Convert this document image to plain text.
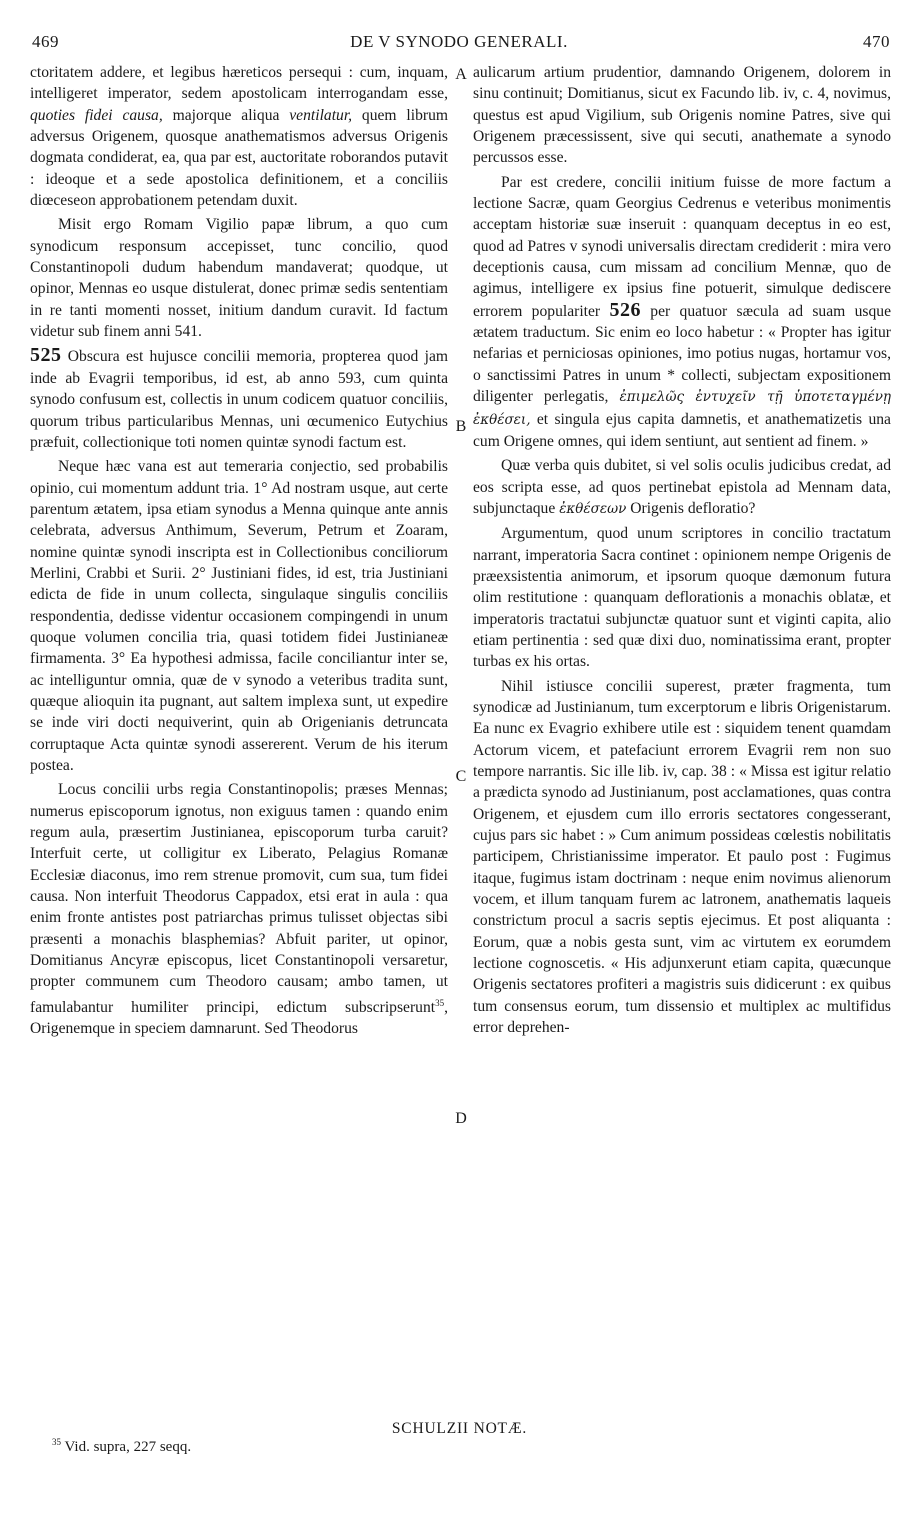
469	DE V SYNODO GENERALI.	470

ctoritatem addere, et legibus hæreticos persequi : cum, inquam, intelligeret imperator, sedem apostolicam interrogandam esse, quoties fidei causa, majorque aliqua ventilatur, quem librum adversus Origenem, quosque anathematismos adversus Origenis dogmata condiderat, ea, qua par est, auctoritate roborandos putavit : ideoque et a sede apostolica definitionem, et a conciliis diœceseon approbationem petendam duxit.

Misit ergo Romam Vigilio papæ librum, a quo cum synodicum responsum accepisset, tunc concilio, quod Constantinopoli dudum habendum mandaverat; quodque, ut opinor, Mennas eo usque distulerat, donec primæ sedis sententiam in re tanti momenti nosset, initium dandum curavit. Id factum videtur sub finem anni 541.

525 Obscura est hujusce concilii memoria, propterea quod jam inde ab Evagrii temporibus, id est, ab anno 593, cum quinta synodo confusum est, collectis in unum codicem quatuor conciliis, quorum tribus particularibus Mennas, uni œcumenico Eutychius præfuit, collectionique toti nomen quintæ synodi factum est.

Neque hæc vana est aut temeraria conjectio, sed probabilis opinio, cui momentum addunt tria. 1° Ad nostram usque, aut certe parentum ætatem, ipsa etiam synodus a Menna quinque ante annis celebrata, adversus Anthimum, Severum, Petrum et Zoaram, nomine quintæ synodi inscripta est in Collectionibus conciliorum Merlini, Crabbi et Surii. 2° Justiniani fides, id est, tria Justiniani edicta de fide in unum collecta, singulaque singulis conciliis respondentia, dedisse videntur occasionem compingendi in unum quoque volumen concilia tria, quasi totidem fidei Justinianeæ firmamenta. 3° Ea hypothesi admissa, facile conciliantur inter se, ac intelliguntur omnia, quæ de v synodo a veteribus tradita sunt, quæque alioquin ita pugnant, aut saltem implexa sunt, ut expedire se inde viri docti nequiverint, quin ab Origenianis detruncata corruptaque Acta quintæ synodi assererent. Verum de his iterum postea.

Locus concilii urbs regia Constantinopolis; præses Mennas; numerus episcoporum ignotus, non exiguus tamen : quando enim regum aula, præsertim Justinianea, episcoporum turba caruit? Interfuit certe, ut colligitur ex Liberato, Pelagius Romanæ Ecclesiæ diaconus, imo rem strenue promovit, cum sua, tum fidei causa. Non interfuit Theodorus Cappadox, etsi erat in aula : qua enim fronte antistes post patriarchas primus tulisset objectas sibi præsenti a monachis blasphemias? Abfuit pariter, ut opinor, Domitianus Ancyræ episcopus, licet Constantinopoli versaretur, propter communem cum Theodoro causam; ambo tamen, ut famulabantur humiliter principi, edictum subscripserunt$^{35}$, Origenemque in speciem damnarunt. Sed Theodorus

A
B
C
D

aulicarum artium prudentior, damnando Origenem, dolorem in sinu continuit; Domitianus, sicut ex Facundo lib. iv, c. 4, novimus, questus est apud Vigilium, sub Origenis nomine Patres, sive qui Origenem præcessissent, sive qui secuti, anathemate a synodo percussos esse.

Par est credere, concilii initium fuisse de more factum a lectione Sacræ, quam Georgius Cedrenus e veteribus monimentis acceptam historiæ suæ inseruit : quanquam deceptus in eo est, quod ad Patres v synodi universalis directam crediderit : mira vero deceptionis causa, cum missam ad concilium Mennæ, quo de agimus, intelligere ex ipsius fine potuerit, simulque dediscere errorem populariter 526 per quatuor sæcula ad suam usque ætatem traductum. Sic enim eo loco habetur : « Propter has igitur nefarias et perniciosas opiniones, imo potius nugas, hortamur vos, o sanctissimi Patres in unum * collecti, subjectam expositionem diligenter perlegatis, ἐπιμελῶς ἐντυχεῖν τῇ ὑποτεταγμένῃ ἐκθέσει, et singula ejus capita damnetis, et anathematizetis una cum Origene omnes, qui idem sentiunt, aut sentient ad finem. »

Quæ verba quis dubitet, si vel solis oculis judicibus credat, ad eos scripta esse, ad quos pertinebat epistola ad Mennam data, subjunctaque ἐκθέσεων Origenis defloratio?

Argumentum, quod unum scriptores in concilio tractatum narrant, imperatoria Sacra continet : opinionem nempe Origenis de præexsistentia animorum, et ipsorum quoque dæmonum futura olim restitutione : quanquam deflorationis a monachis oblatæ, et imperatoris tractatui subjunctæ quatuor sunt et viginti capita, alio etiam pertinentia : sed quæ dixi duo, nominatissima erant, propter turbas ex his ortas.

Nihil istiusce concilii superest, præter fragmenta, tum synodicæ ad Justinianum, tum excerptorum e libris Origenistarum. Ea nunc ex Evagrio exhibere utile est : siquidem tenent quamdam Actorum vicem, et patefaciunt errorem Evagrii rem non suo tempore narrantis. Sic ille lib. iv, cap. 38 : « Missa est igitur relatio a prædicta synodo ad Justinianum, post acclamationes, quas contra Origenem, et ejusdem cum illo erroris sectatores congesserant, cujus pars sic habet : » Cum animum possideas cœlestis nobilitatis participem, Christianissime imperator. Et paulo post : Fugimus itaque, fugimus istam doctrinam : neque enim novimus alienorum vocem, et illum tanquam furem ac latronem, anathematis laqueis constrictum procul a sacris septis ejecimus. Et post aliquanta : Eorum, quæ a nobis gesta sunt, vim ac virtutem ex eorumdem lectione cognoscetis. « His adjunxerunt etiam capita, quæcunque Origenis sectatores profiteri a magistris suis didicerunt : ex quibus tum consensus eorum, tum dissensio et multiplex ac multifidus error deprehen-

SCHULZII NOTÆ.
$^{35}$ Vid. supra, 227 seqq.
